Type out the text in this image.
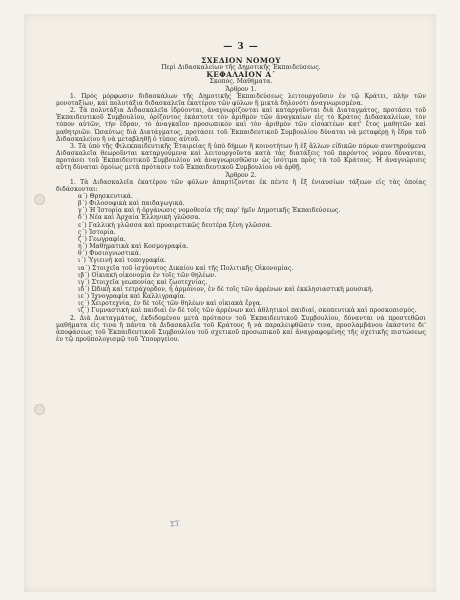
— 3 —
ΣΧΕΔΙΟΝ ΝΟΜΟΥ
Περὶ Διδασκαλείων τῆς Δημοτικῆς Ἐκπαιδεύσεως.
ΚΕΦΑΛΑΙΟΝ Α΄
Σκοπός. Μαθήματα.
Ἄρθρον 1.
1. Πρὸς μόρφωσιν διδασκάλων τῆς Δημοτικῆς Ἐκπαιδεύσεως λειτουργοῦσιν ἐν τῷ Κράτει, πλὴν τῶν μονοταξίων, καὶ πολυτάξια διδασκαλεῖα ἑκατέρου τῶν φύλων ἢ μικτὰ δηλονότι ἀναγνωρισμένα.
2. Τὰ πολυτάξια Διδασκαλεῖα ἱδρύονται, ἀναγνωρίζονται καὶ καταργοῦνται διὰ Διαταγμάτος, προτάσει τοῦ Ἐκπαιδευτικοῦ Συμβουλίου, ὁρίζοντος ἑκάστοτε τὸν ἀριθμὸν τῶν ἀναγκαίων εἰς τὸ Κράτος Διδασκαλείων, τὸν τόπον αὐτῶν, τὴν ἕδραν, τὸ ἀναγκαῖον προσωπικὸν καὶ τὸν ἀριθμὸν τῶν εἰσακτέων κατ' ἔτος μαθητῶν καὶ μαθητριῶν. Ὡσαύτως διὰ Διατάγματος, προτάσει τοῦ Ἐκπαιδευτικοῦ Συμβουλίου δύναται νὰ μεταφέρῃ ἡ ἕδρα τοῦ Διδασκαλείου ἢ νὰ μεταβληθῇ ὁ τύπος αὐτοῦ.
3. Τὰ ὑπὸ τῆς Φιλεκπαιδευτικῆς Ἑταιρείας ἢ ὑπὸ δήμων ἢ κοινοτήτων ἢ ἐξ ἄλλων εἰδικῶν πόρων συντηρούμενα Διδασκαλεῖα θεωροῦνται καταργούμενα καὶ λειτουργοῦντα κατὰ τὰς διατάξεις τοῦ παρόντος νόμου δύνανται, προτάσει τοῦ Ἐκπαιδευτικοῦ Συμβουλίου νὰ ἀναγνωρισθῶσιν ὡς ἰσότιμα πρὸς τὰ τοῦ Κράτους. Ἡ ἀναγνώρισις αὕτη δύναται ὁμοίως μετὰ πρότασιν τοῦ Ἐκπαιδευτικοῦ Συμβουλίου νὰ ἀρθῇ.
Ἄρθρον 2.
1. Τὰ Διδασκαλεῖα ἑκατέρου τῶν φύλων ἀπαρτίζονται ἐκ πέντε ἢ ἕξ ἐνιαυσίων τάξεων εἰς τὰς ὁποίας διδάσκονται:
α΄) Θρησκευτικά.
β΄) Φιλοσοφικὰ καὶ παιδαγωγικά.
γ΄) Ἡ Ἱστορία καὶ ἡ ὀργάνωσις νομοθεσία τῆς παρ' ἡμῖν Δημοτικῆς Ἐκπαιδεύσεως.
δ΄) Νέα καὶ Ἀρχαία Ἑλληνικὴ γλῶσσα.
ε΄) Γαλλικὴ γλῶσσα καὶ προαιρετικῶς δευτέρα ξένη γλῶσσα.
ς΄) Ἱστορία.
ζ΄) Γεωγραφία.
η΄) Μαθηματικὰ καὶ Κοσμογραφία.
θ΄) Φυσιογνωστικά.
ι΄) Ὑγιεινὴ καὶ τοπογραφία.
ια΄) Στοιχεῖα τοῦ ἰσχύοντος Δικαίου καὶ τῆς Πολιτικῆς Οἰκονομίας.
ιβ΄) Οἰκιακὴ οἰκονομία ἐν τοῖς τῶν θηλέων.
ιγ΄) Στοιχεῖα γεωπονίας καὶ ζωοτεχνίας.
ιδ΄) Ὠδικὴ καὶ τετράχορδον, ἡ ἁρμόνιον, ἐν δὲ τοῖς τῶν ἀρρένων καὶ ἐκκλησιαστικὴ μουσική.
ιε΄) Ἰχνογραφία καὶ Καλλιγραφία.
ις΄) Χειροτεχνία, ἐν δὲ τοῖς τῶν θηλέων καὶ οἰκιακὰ ἔργα.
ιζ΄) Γυμναστικὴ καὶ παιδιαὶ ἐν δὲ τοῖς τῶν ἀρρένων καὶ ἀθλητικοὶ παιδιαί, σκοπευτικὰ καὶ προσκοπισμός.
2. Διὰ Διαταγμάτος, ἐκδιδομένου μετὰ πρότασιν τοῦ Ἐκπαιδευτικοῦ Συμβουλίου, δύνανται νὰ προστεθῶσι μαθήματα εἰς τινα ἢ πάντα τὰ Διδασκαλεῖα τοῦ Κράτους ἢ νὰ παραλειφθῶσιν τινα, προσλαμβάνου ἑκάστοτε δι' ἀποφάσεως τοῦ Ἐκπαιδευτικοῦ Συμβουλίου τοῦ σχετικοῦ προσωπικοῦ καὶ ἀναγραφομένης τῆς σχετικῆς πιστώσεως ἐν τῷ προϋπολογισμῷ τοῦ Ὑπουργείου.
ΣΤ
